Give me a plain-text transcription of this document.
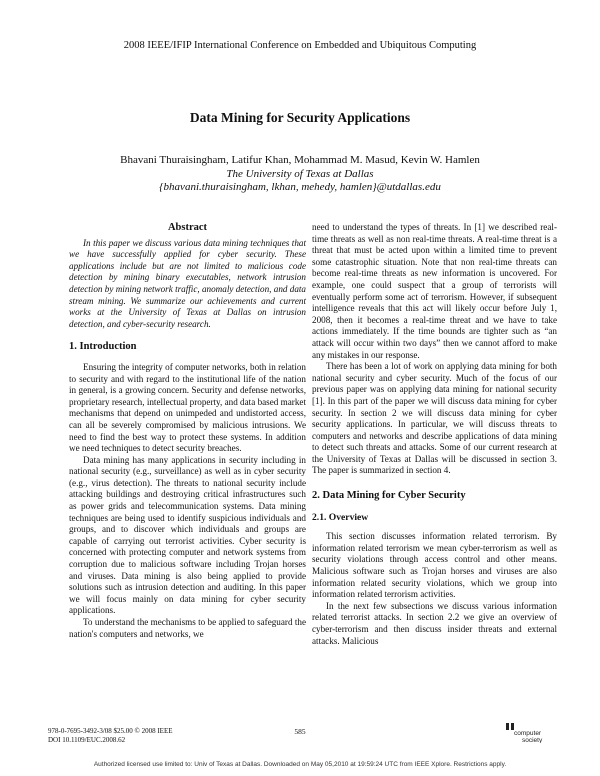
2008 IEEE/IFIP International Conference on Embedded and Ubiquitous Computing
Data Mining for Security Applications
Bhavani Thuraisingham, Latifur Khan, Mohammad M. Masud, Kevin W. Hamlen
The University of Texas at Dallas
{bhavani.thuraisingham, lkhan, mehedy, hamlen}@utdallas.edu
Abstract

In this paper we discuss various data mining techniques that we have successfully applied for cyber security. These applications include but are not limited to malicious code detection by mining binary executables, network intrusion detection by mining network traffic, anomaly detection, and data stream mining. We summarize our achievements and current works at the University of Texas at Dallas on intrusion detection, and cyber-security research.

1. Introduction

Ensuring the integrity of computer networks, both in relation to security and with regard to the institutional life of the nation in general, is a growing concern. Security and defense networks, proprietary research, intellectual property, and data based market mechanisms that depend on unimpeded and undistorted access, can all be severely compromised by malicious intrusions. We need to find the best way to protect these systems. In addition we need techniques to detect security breaches.

Data mining has many applications in security including in national security (e.g., surveillance) as well as in cyber security (e.g., virus detection). The threats to national security include attacking buildings and destroying critical infrastructures such as power grids and telecommunication systems. Data mining techniques are being used to identify suspicious individuals and groups, and to discover which individuals and groups are capable of carrying out terrorist activities. Cyber security is concerned with protecting computer and network systems from corruption due to malicious software including Trojan horses and viruses. Data mining is also being applied to provide solutions such as intrusion detection and auditing. In this paper we will focus mainly on data mining for cyber security applications.

To understand the mechanisms to be applied to safeguard the nation's computers and networks, we

need to understand the types of threats. In [1] we described real-time threats as well as non real-time threats. A real-time threat is a threat that must be acted upon within a limited time to prevent some catastrophic situation. Note that non real-time threats can become real-time threats as new information is uncovered. For example, one could suspect that a group of terrorists will eventually perform some act of terrorism. However, if subsequent intelligence reveals that this act will likely occur before July 1, 2008, then it becomes a real-time threat and we have to take actions immediately. If the time bounds are tighter such as “an attack will occur within two days” then we cannot afford to make any mistakes in our response.

There has been a lot of work on applying data mining for both national security and cyber security. Much of the focus of our previous paper was on applying data mining for national security [1]. In this part of the paper we will discuss data mining for cyber security. In section 2 we will discuss data mining for cyber security applications. In particular, we will discuss threats to computers and networks and describe applications of data mining to detect such threats and attacks. Some of our current research at the University of Texas at Dallas will be discussed in section 3. The paper is summarized in section 4.

2. Data Mining for Cyber Security
2.1. Overview

This section discusses information related terrorism. By information related terrorism we mean cyber-terrorism as well as security violations through access control and other means. Malicious software such as Trojan horses and viruses are also information related security violations, which we group into information related terrorism activities.

In the next few subsections we discuss various information related terrorist attacks. In section 2.2 we give an overview of cyber-terrorism and then discuss insider threats and external attacks. Malicious

978-0-7695-3492-3/08 $25.00 © 2008 IEEE
DOI 10.1109/EUC.2008.62
585	computer
society
Authorized licensed use limited to: Univ of Texas at Dallas. Downloaded on May 05,2010 at 19:59:24 UTC from IEEE Xplore. Restrictions apply.
